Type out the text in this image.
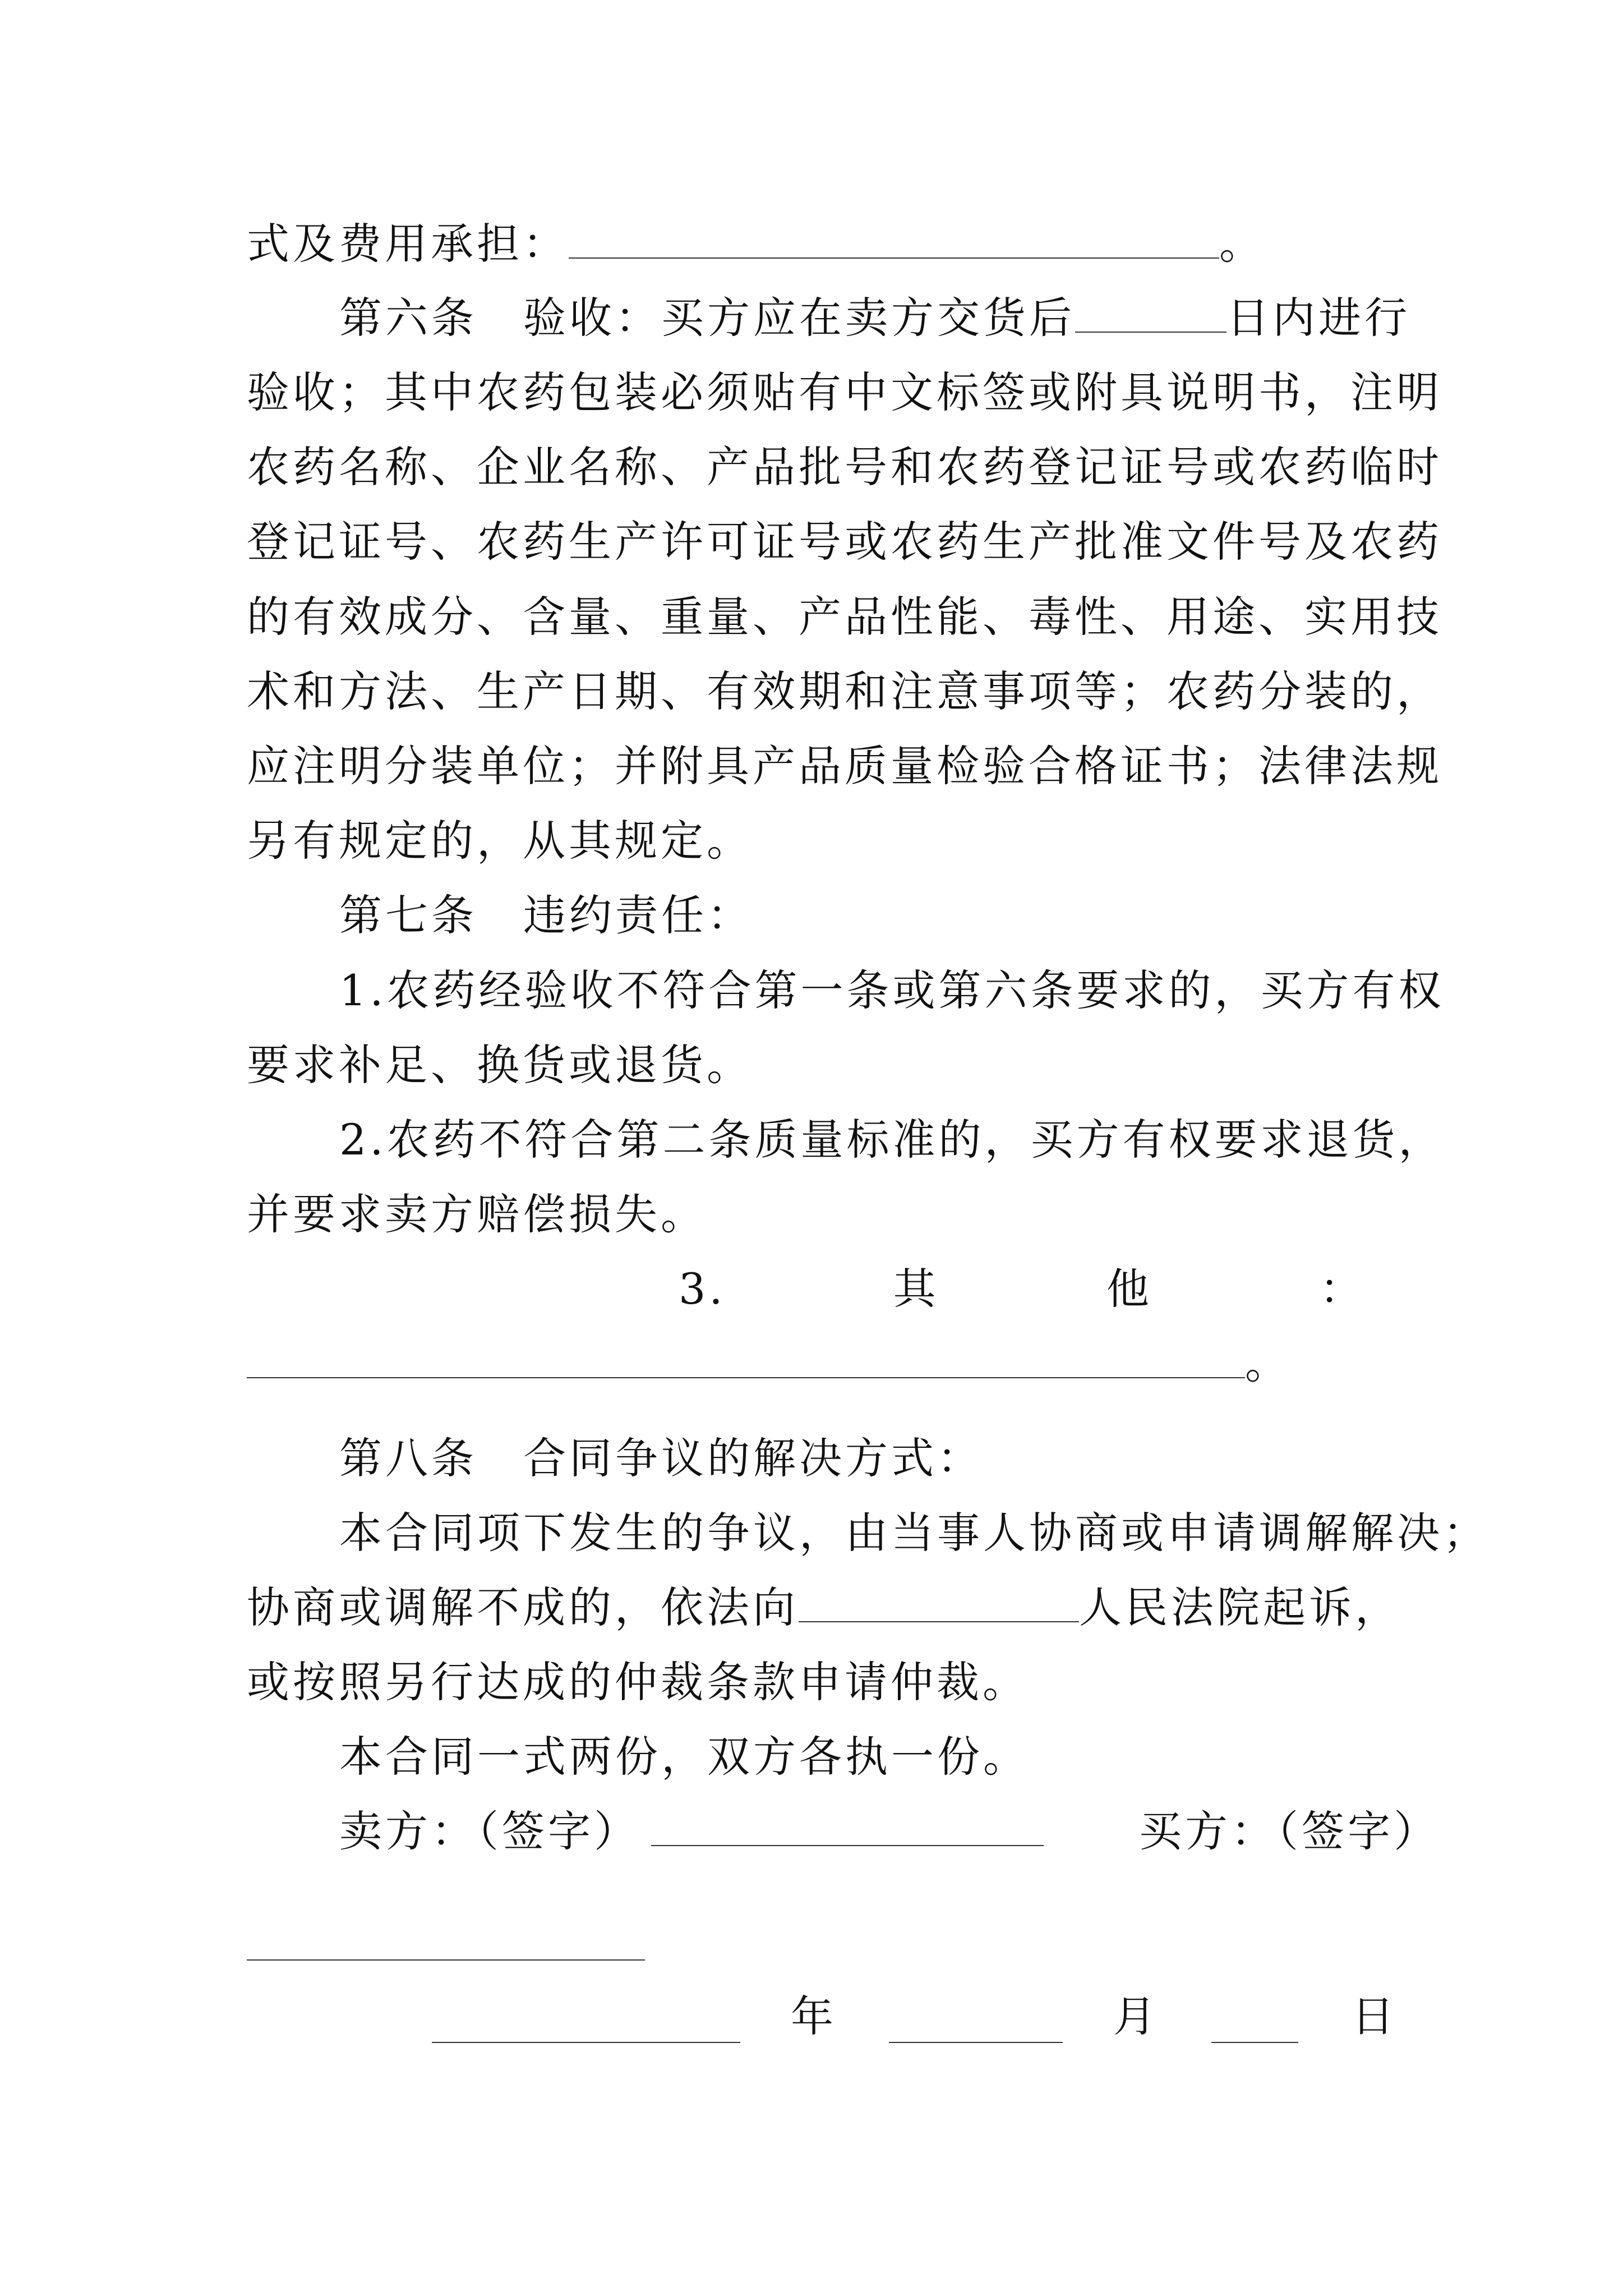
式及费用承担：	。
第六条　验收：买方应在卖方交货后	日内进行
验收；其中农药包装必须贴有中文标签或附具说明书，注明
农药名称、企业名称、产品批号和农药登记证号或农药临时
登记证号、农药生产许可证号或农药生产批准文件号及农药
的有效成分、含量、重量、产品性能、毒性、用途、实用技
术和方法、生产日期、有效期和注意事项等；农药分装的，
应注明分装单位；并附具产品质量检验合格证书；法律法规
另有规定的，从其规定。
第七条　违约责任：
1.农药经验收不符合第一条或第六条要求的，买方有权
要求补足、换货或退货。
2.农药不符合第二条质量标准的，买方有权要求退货，
并要求卖方赔偿损失。
3.	其	他	：
。
第八条　合同争议的解决方式：
本合同项下发生的争议，由当事人协商或申请调解解决；
协商或调解不成的，依法向	人民法院起诉，
或按照另行达成的仲裁条款申请仲裁。
本合同一式两份，双方各执一份。
卖方：（签字）	买方：（签字）
年	月	日
